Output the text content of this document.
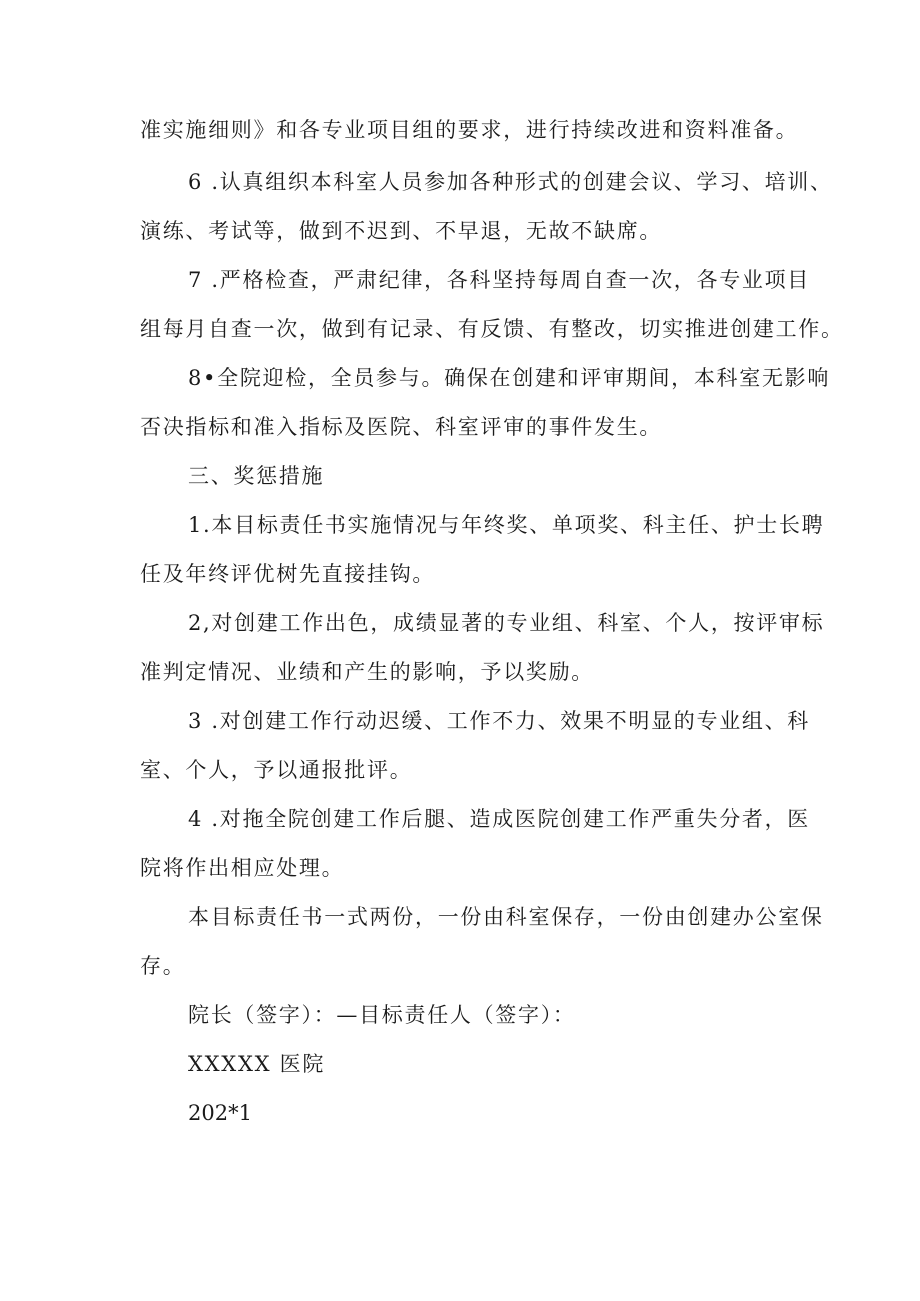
准实施细则》和各专业项目组的要求，进行持续改进和资料准备。
6 .认真组织本科室人员参加各种形式的创建会议、学习、培训、
演练、考试等，做到不迟到、不早退，无故不缺席。
7 .严格检查，严肃纪律，各科坚持每周自查一次，各专业项目
组每月自查一次，做到有记录、有反馈、有整改，切实推进创建工作。
8•全院迎检，全员参与。确保在创建和评审期间，本科室无影响
否决指标和准入指标及医院、科室评审的事件发生。
三、奖惩措施
1.本目标责任书实施情况与年终奖、单项奖、科主任、护士长聘
任及年终评优树先直接挂钩。
2,对创建工作出色，成绩显著的专业组、科室、个人，按评审标
准判定情况、业绩和产生的影响，予以奖励。
3 .对创建工作行动迟缓、工作不力、效果不明显的专业组、科
室、个人，予以通报批评。
4 .对拖全院创建工作后腿、造成医院创建工作严重失分者，医
院将作出相应处理。
本目标责任书一式两份，一份由科室保存，一份由创建办公室保
存。
院长（签字）：—目标责任人（签字）：
XXXXX 医院
202*1
